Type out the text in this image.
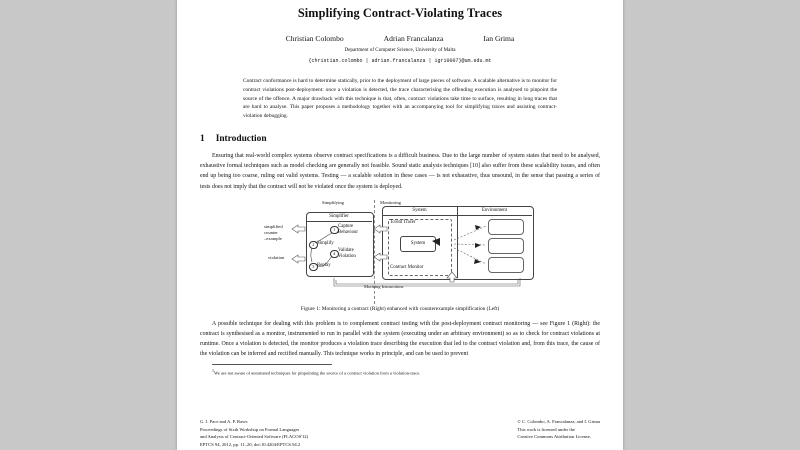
Simplifying Contract-Violating Traces
Christian Colombo	Adrian Francalanza	Ian Grima
Department of Computer Science, University of Malta
{christian.colombo | adrian.francalanza | igri0007}@um.edu.mt
Contract conformance is hard to determine statically, prior to the deployment of large pieces of software. A scalable alternative is to monitor for contract violations post-deployment: once a violation is detected, the trace characterising the offending execution is analysed to pinpoint the source of the offence. A major drawback with this technique is that, often, contract violations take time to surface, resulting in long traces that are hard to analyse. This paper proposes a methodology together with an accompanying tool for simplifying traces and assisting contract-violation debugging.
1 Introduction
Ensuring that real-world complex systems observe contract specifications is a difficult business. Due to the large number of system states that need to be analysed, exhaustive formal techniques such as model checking are generally not feasible. Sound static analysis techniques [10] also suffer from these scalability issues, and often end up being too coarse, ruling out valid systems. Testing — a scalable solution in these cases — is not exhaustive, thus unsound, in the sense that passing a series of tests does not imply that the contract will not be violated once the system is deployed.
Simplifying	Monitoring
System	Environment
Event Tracer
System
Contract Monitor
Simplifier
1
Capture
Behaviour
2 Simplify
3 Replay
4
Validate
Violation
simplified
counter
–example
violation
Mocking Instructions
Figure 1: Monitoring a contract (Right) enhanced with counterexample simplification (Left)
A possible technique for dealing with this problem is to complement contract testing with the post-deployment contract monitoring — see Figure 1 (Right): the contract is synthesised as a monitor, instrumented to run in parallel with the system (executing under an arbitrary environment) so as to check for contract violations at runtime. Once a violation is detected, the monitor produces a violation trace describing the execution that led to the contract violation and, from this trace, the cause of the violation can be inferred and rectified manually. This technique works in principle, and can be used to prevent
$^1$We are not aware of automated techniques for pinpointing the source of a contract violation from a violation-trace.
G. J. Pace and A. P. Ravn:
Proceedings of Sixth Workshop on Formal Languages
and Analysis of Contract-Oriented Software (FLACOS'12)
EPTCS 94, 2012, pp. 11–20, doi:10.4204/EPTCS.94.2
© C. Colombo, A. Francalanza, and I. Grima
This work is licensed under the
Creative Commons Attribution License.
